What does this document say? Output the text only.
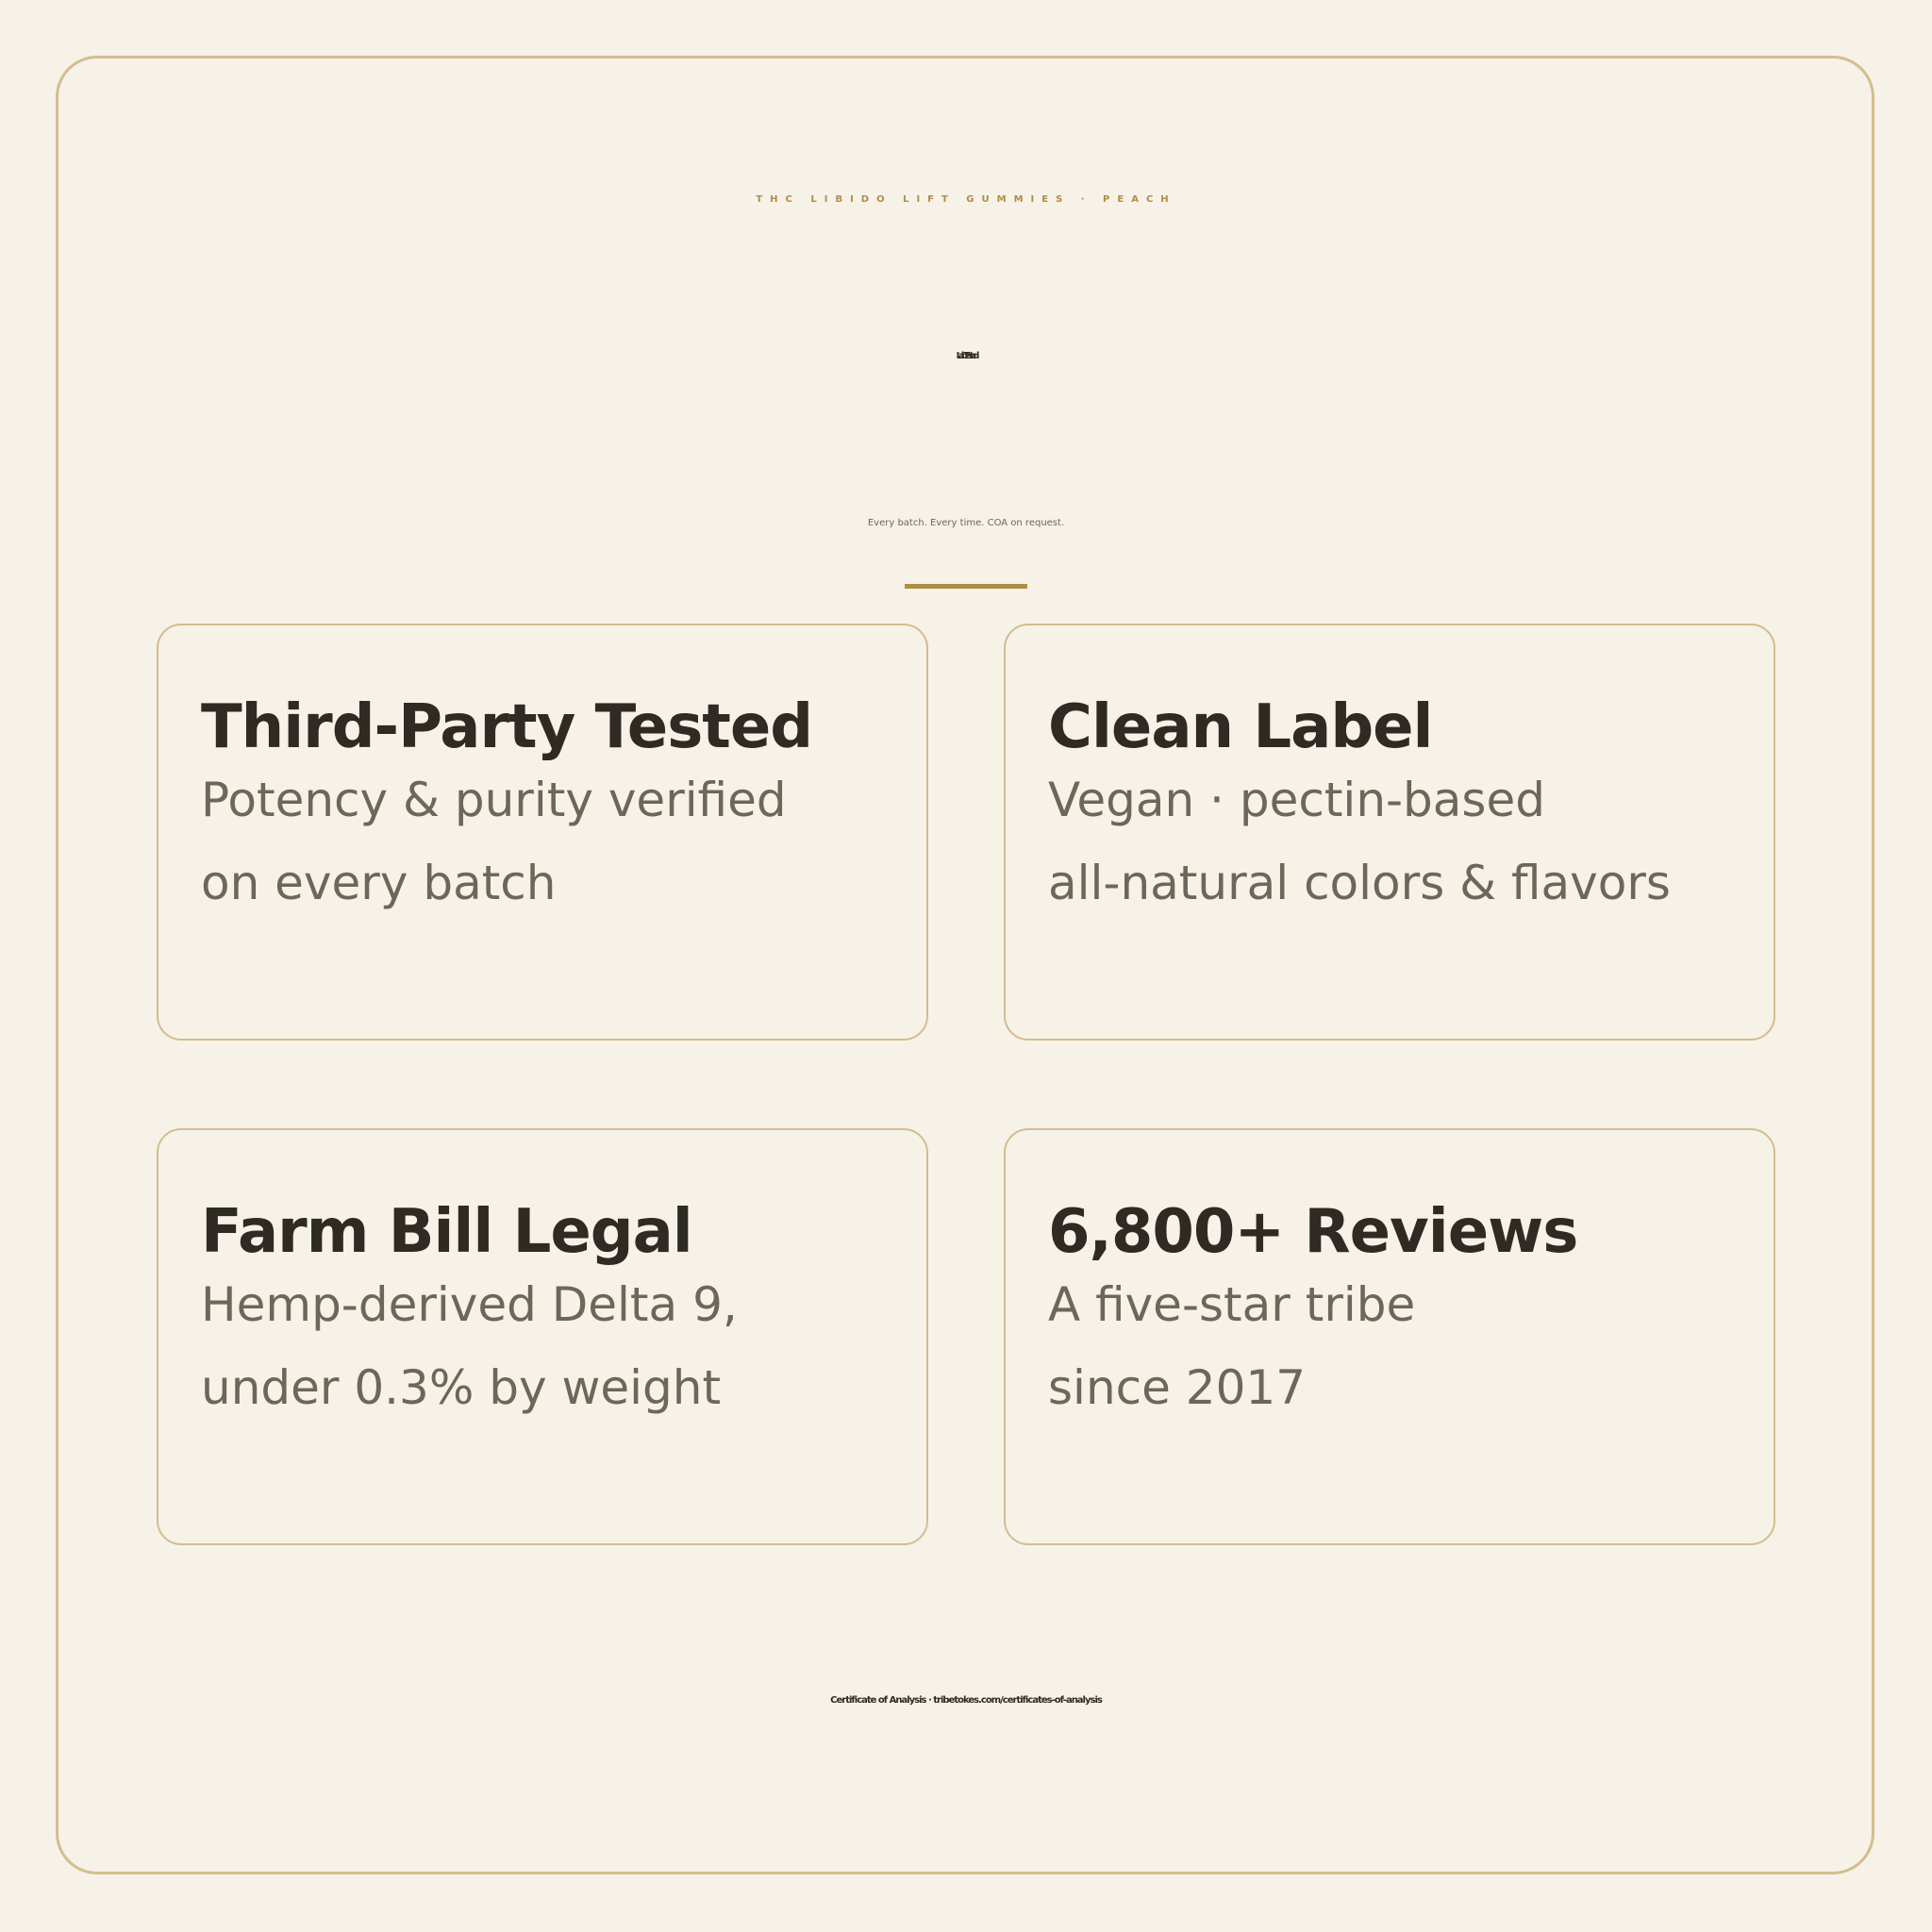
THC LIBIDO LIFT GUMMIES · PEACH
Lab Tested
Every batch. Every time. COA on request.
Third-Party Tested
Potency & purity verified
on every batch
Clean Label
Vegan · pectin-based
all-natural colors & flavors
Farm Bill Legal
Hemp-derived Delta 9,
under 0.3% by weight
6,800+ Reviews
A five-star tribe
since 2017
Certificate of Analysis · tribetokes.com/certificates-of-analysis
